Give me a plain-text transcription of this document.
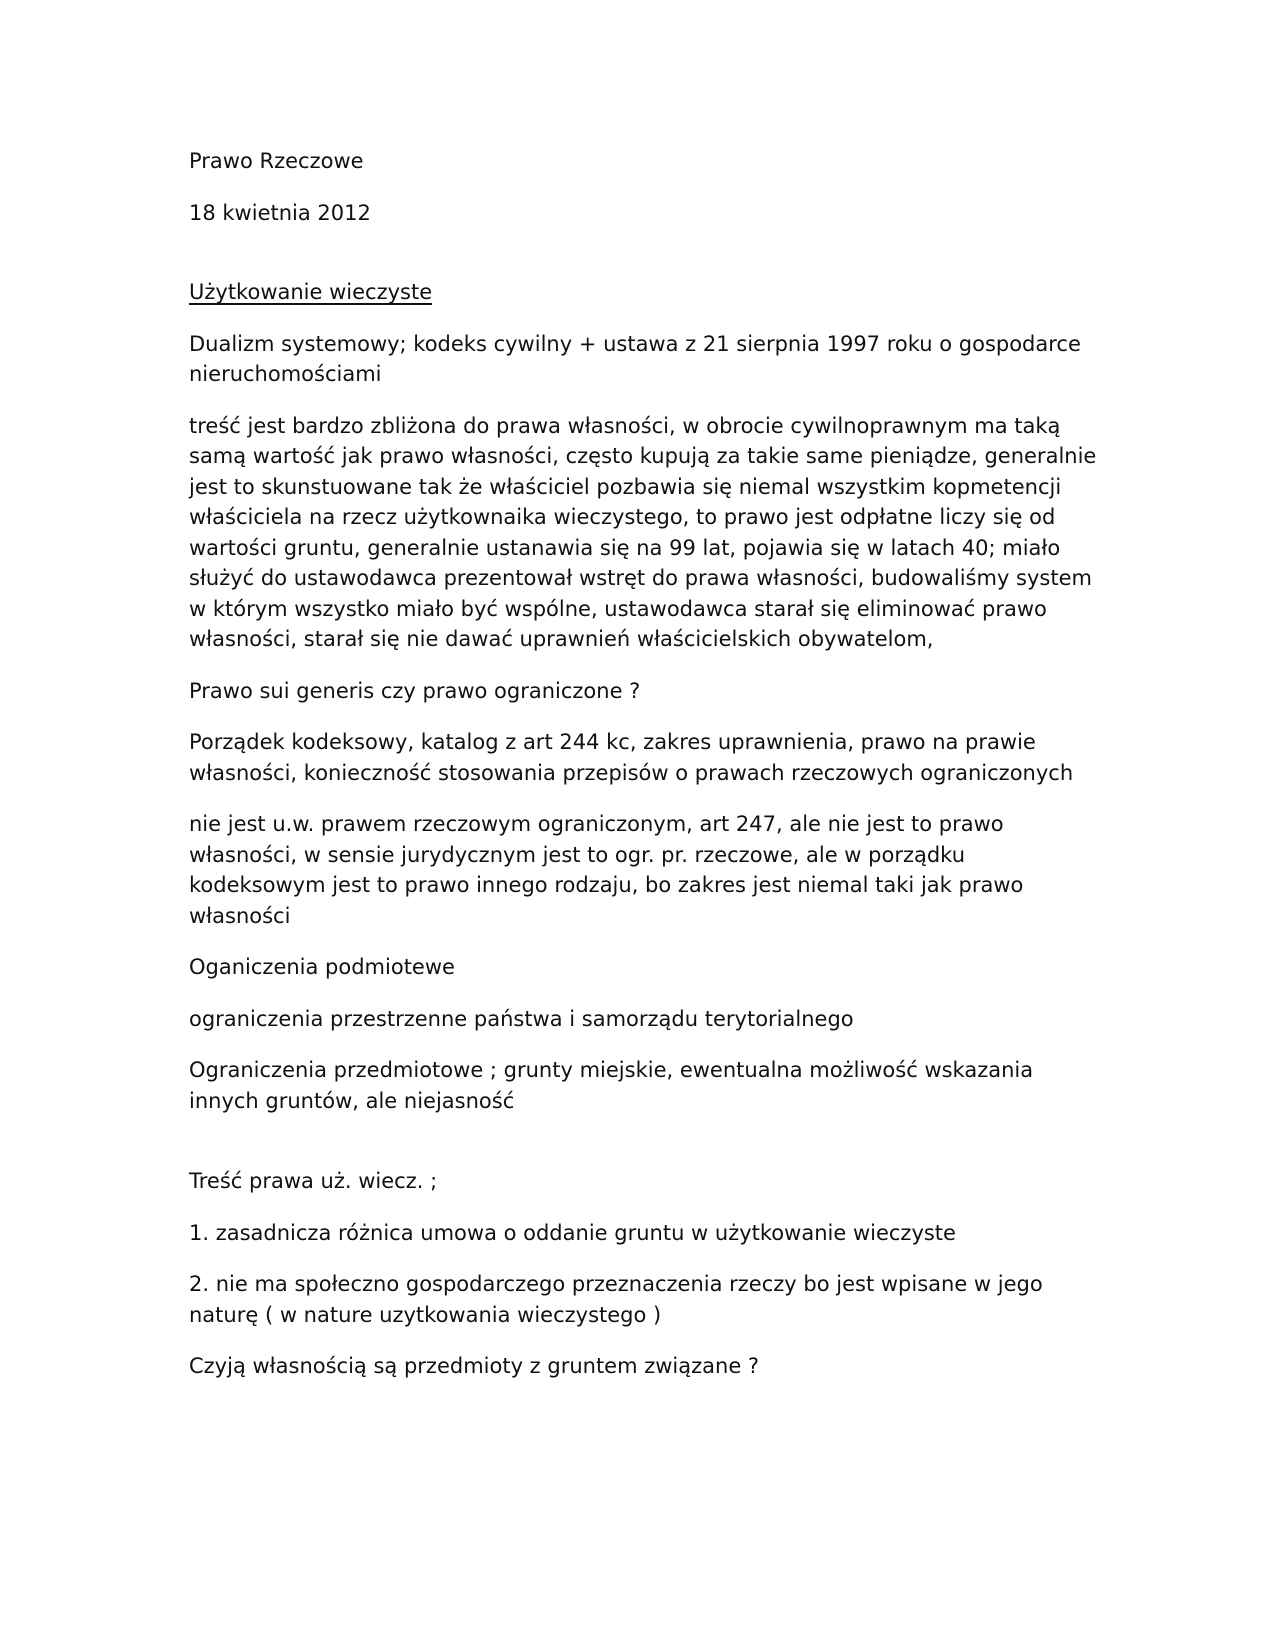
Prawo Rzeczowe

18 kwietnia 2012

Użytkowanie wieczyste

Dualizm systemowy; kodeks cywilny + ustawa z 21 sierpnia 1997 roku o gospodarce nieruchomościami

treść jest bardzo zbliżona do prawa własności, w obrocie cywilnoprawnym ma taką samą wartość jak prawo własności, często kupują za takie same pieniądze, generalnie jest to skunstuowane tak że właściciel pozbawia się niemal wszystkim kopmetencji właściciela na rzecz użytkownaika wieczystego, to prawo jest odpłatne liczy się od wartości gruntu, generalnie ustanawia się na 99 lat, pojawia się w latach 40; miało służyć do ustawodawca prezentował wstręt do prawa własności, budowaliśmy system w którym wszystko miało być wspólne, ustawodawca starał się eliminować prawo własności, starał się nie dawać uprawnień właścicielskich obywatelom,

Prawo sui generis czy prawo ograniczone ?

Porządek kodeksowy, katalog z art 244 kc, zakres uprawnienia, prawo na prawie własności, konieczność stosowania przepisów o prawach rzeczowych ograniczonych

nie jest u.w. prawem rzeczowym ograniczonym, art 247, ale nie jest to prawo własności, w sensie jurydycznym jest to ogr. pr. rzeczowe, ale w porządku kodeksowym jest to prawo innego rodzaju, bo zakres jest niemal taki jak prawo własności

Oganiczenia podmiotewe

ograniczenia przestrzenne państwa i samorządu terytorialnego

Ograniczenia przedmiotowe ; grunty miejskie, ewentualna możliwość wskazania innych gruntów, ale niejasność

Treść prawa uż. wiecz. ;

1. zasadnicza różnica umowa o oddanie gruntu w użytkowanie wieczyste

2. nie ma społeczno gospodarczego przeznaczenia rzeczy bo jest wpisane w jego naturę ( w nature uzytkowania wieczystego )

Czyją własnością są przedmioty z gruntem związane ?
